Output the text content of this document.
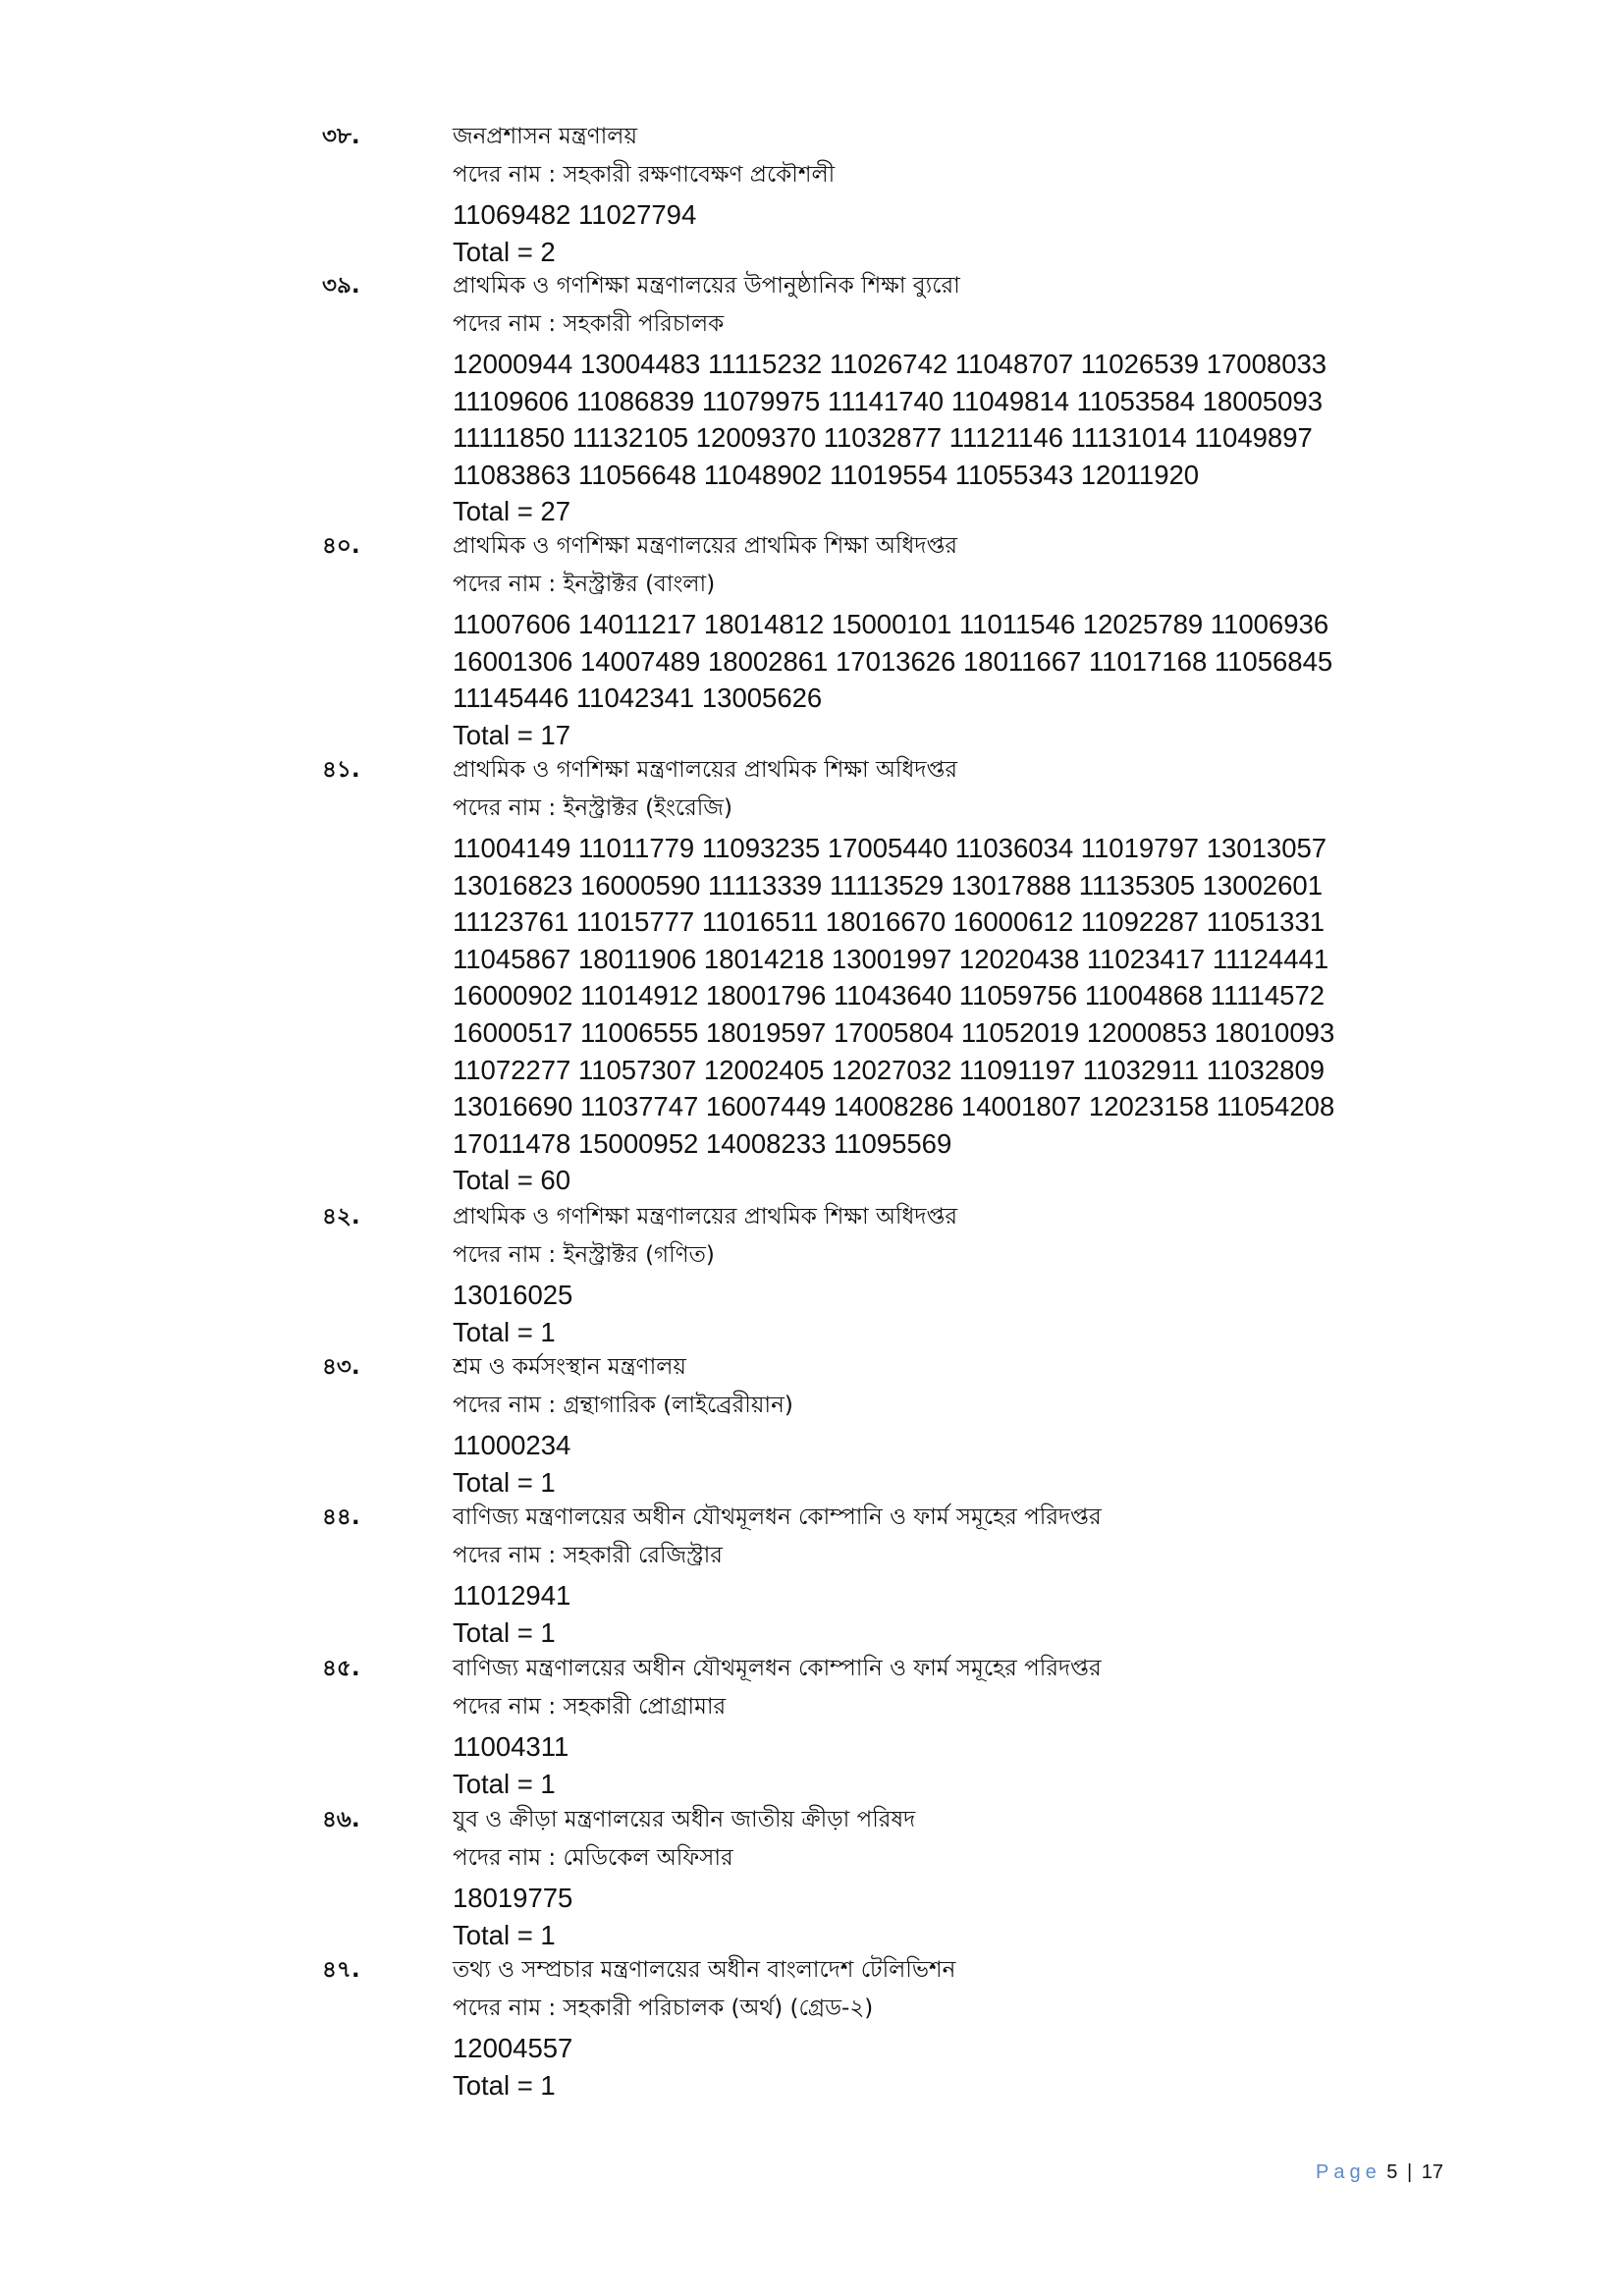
৩৮.	জনপ্রশাসন মন্ত্রণালয়
পদের নাম : সহকারী রক্ষণাবেক্ষণ প্রকৌশলী
11069482 11027794
Total = 2
৩৯.	প্রাথমিক ও গণশিক্ষা মন্ত্রণালয়ের উপানুষ্ঠানিক শিক্ষা ব্যুরো
পদের নাম : সহকারী পরিচালক
12000944 13004483 11115232 11026742 11048707 11026539 17008033
11109606 11086839 11079975 11141740 11049814 11053584 18005093
11111850 11132105 12009370 11032877 11121146 11131014 11049897
11083863 11056648 11048902 11019554 11055343 12011920
Total = 27
৪০.	প্রাথমিক ও গণশিক্ষা মন্ত্রণালয়ের প্রাথমিক শিক্ষা অধিদপ্তর
পদের নাম : ইনস্ট্রাক্টর (বাংলা)
11007606 14011217 18014812 15000101 11011546 12025789 11006936
16001306 14007489 18002861 17013626 18011667 11017168 11056845
11145446 11042341 13005626
Total = 17
৪১.	প্রাথমিক ও গণশিক্ষা মন্ত্রণালয়ের প্রাথমিক শিক্ষা অধিদপ্তর
পদের নাম : ইনস্ট্রাক্টর (ইংরেজি)
11004149 11011779 11093235 17005440 11036034 11019797 13013057
13016823 16000590 11113339 11113529 13017888 11135305 13002601
11123761 11015777 11016511 18016670 16000612 11092287 11051331
11045867 18011906 18014218 13001997 12020438 11023417 11124441
16000902 11014912 18001796 11043640 11059756 11004868 11114572
16000517 11006555 18019597 17005804 11052019 12000853 18010093
11072277 11057307 12002405 12027032 11091197 11032911 11032809
13016690 11037747 16007449 14008286 14001807 12023158 11054208
17011478 15000952 14008233 11095569
Total = 60
৪২.	প্রাথমিক ও গণশিক্ষা মন্ত্রণালয়ের প্রাথমিক শিক্ষা অধিদপ্তর
পদের নাম : ইনস্ট্রাক্টর (গণিত)
13016025
Total = 1
৪৩.	শ্রম ও কর্মসংস্থান মন্ত্রণালয়
পদের নাম : গ্রন্থাগারিক (লাইব্রেরীয়ান)
11000234
Total = 1
৪৪.	বাণিজ্য মন্ত্রণালয়ের অধীন যৌথমূলধন কোম্পানি ও ফার্ম সমূহের পরিদপ্তর
পদের নাম : সহকারী রেজিস্ট্রার
11012941
Total = 1
৪৫.	বাণিজ্য মন্ত্রণালয়ের অধীন যৌথমূলধন কোম্পানি ও ফার্ম সমূহের পরিদপ্তর
পদের নাম : সহকারী প্রোগ্রামার
11004311
Total = 1
৪৬.	যুব ও ক্রীড়া মন্ত্রণালয়ের অধীন জাতীয় ক্রীড়া পরিষদ
পদের নাম : মেডিকেল অফিসার
18019775
Total = 1
৪৭.	তথ্য ও সম্প্রচার মন্ত্রণালয়ের অধীন বাংলাদেশ টেলিভিশন
পদের নাম : সহকারী পরিচালক (অর্থ) (গ্রেড-২)
12004557
Total = 1
Page 5 | 17
